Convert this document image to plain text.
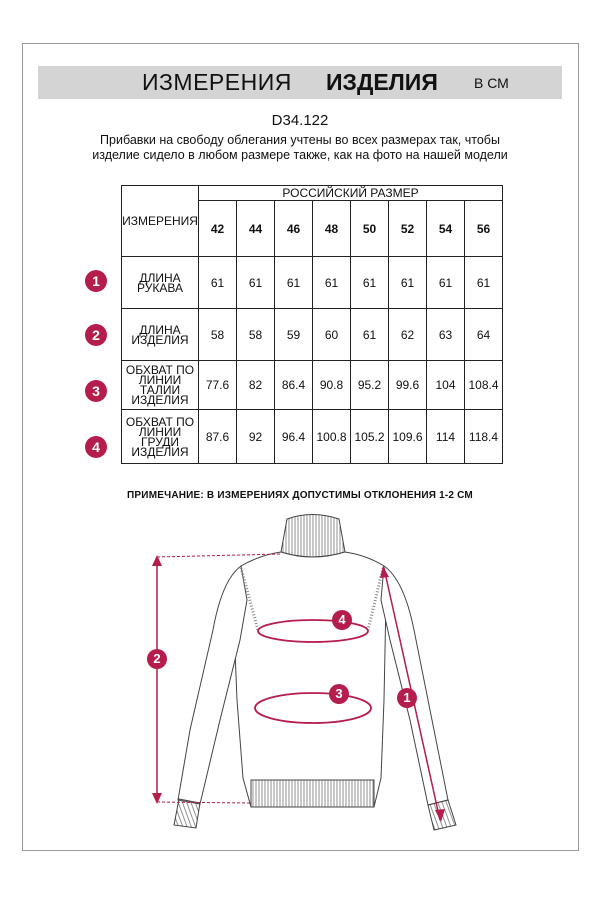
ИЗМЕРЕНИЯ ИЗДЕЛИЯ	В СМ
D34.122
Прибавки на свободу облегания учтены во всех размерах так, чтобы изделие сидело в любом размере также, как на фото на нашей модели
ИЗМЕРЕНИЯ	РОССИЙСКИЙ РАЗМЕР							
	42	44	46	48	50	52	54	56
ДЛИНА РУКАВА	61	61	61	61	61	61	61	61
ДЛИНА ИЗДЕЛИЯ	58	58	59	60	61	62	63	64
ОБХВАТ ПО ЛИНИИ ТАЛИИ ИЗДЕЛИЯ	77.6	82	86.4	90.8	95.2	99.6	104	108.4
ОБХВАТ ПО ЛИНИИ ГРУДИ ИЗДЕЛИЯ	87.6	92	96.4	100.8	105.2	109.6	114	118.4
1
2
3
4
ПРИМЕЧАНИЕ: В ИЗМЕРЕНИЯХ ДОПУСТИМЫ ОТКЛОНЕНИЯ 1-2 СМ
2
1
3
4
